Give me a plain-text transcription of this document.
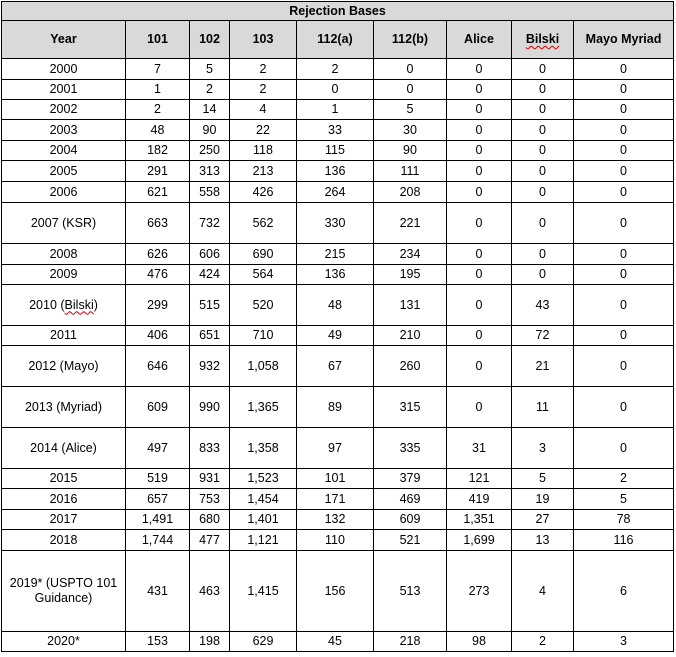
Rejection Bases								
Year	101	102	103	112(a)	112(b)	Alice	Bilski	Mayo Myriad
2000	7	5	2	2	0	0	0	0
2001	1	2	2	0	0	0	0	0
2002	2	14	4	1	5	0	0	0
2003	48	90	22	33	30	0	0	0
2004	182	250	118	115	90	0	0	0
2005	291	313	213	136	111	0	0	0
2006	621	558	426	264	208	0	0	0
2007 (KSR)	663	732	562	330	221	0	0	0
2008	626	606	690	215	234	0	0	0
2009	476	424	564	136	195	0	0	0
2010 (Bilski)	299	515	520	48	131	0	43	0
2011	406	651	710	49	210	0	72	0
2012 (Mayo)	646	932	1,058	67	260	0	21	0
2013 (Myriad)	609	990	1,365	89	315	0	11	0
2014 (Alice)	497	833	1,358	97	335	31	3	0
2015	519	931	1,523	101	379	121	5	2
2016	657	753	1,454	171	469	419	19	5
2017	1,491	680	1,401	132	609	1,351	27	78
2018	1,744	477	1,121	110	521	1,699	13	116
2019* (USPTO 101 Guidance)	431	463	1,415	156	513	273	4	6
2020*	153	198	629	45	218	98	2	3
